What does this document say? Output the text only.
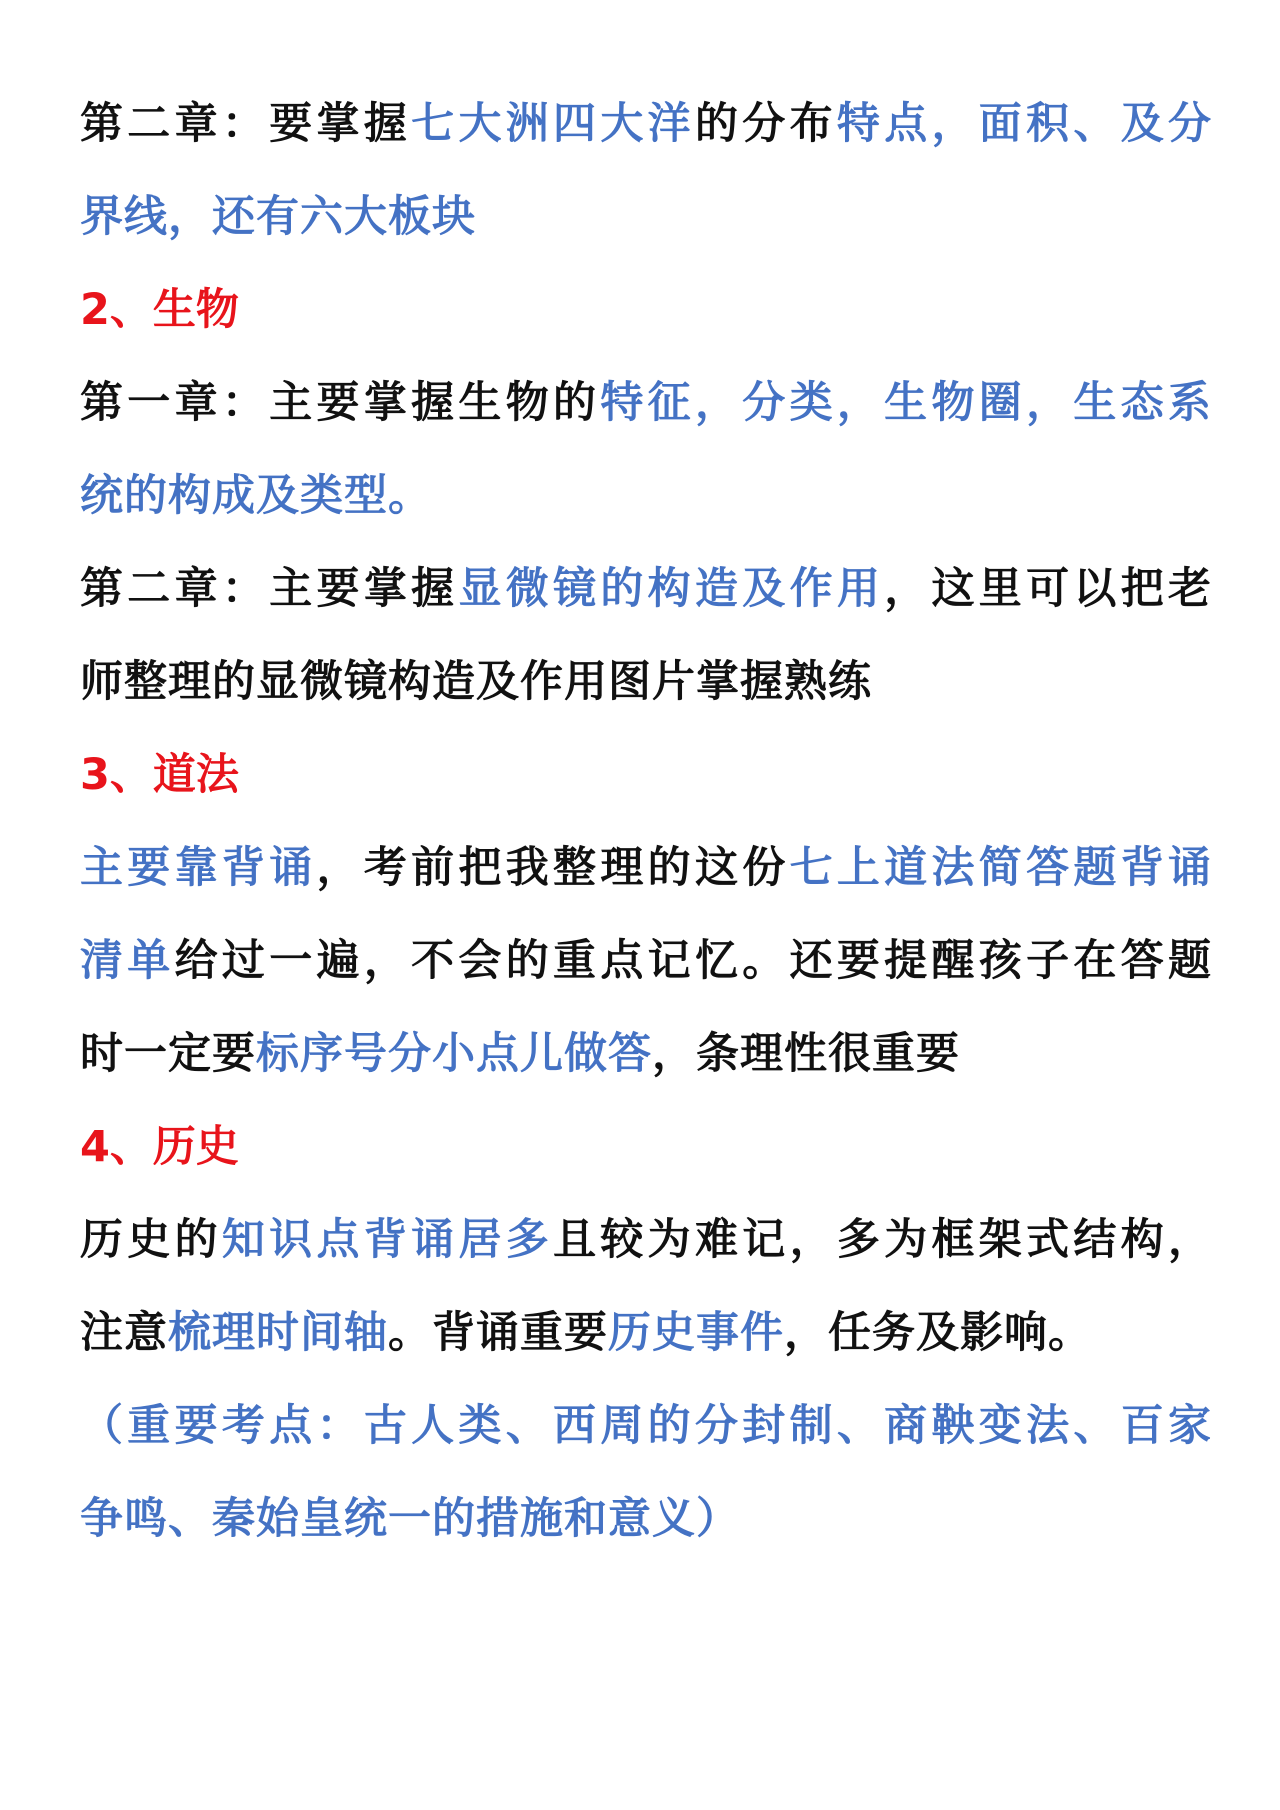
第二章：要掌握七大洲四大洋的分布特点，面积、及分
界线，还有六大板块
2、生物
第一章：主要掌握生物的特征，分类，生物圈，生态系
统的构成及类型。
第二章：主要掌握显微镜的构造及作用，这里可以把老
师整理的显微镜构造及作用图片掌握熟练
3、道法
主要靠背诵，考前把我整理的这份七上道法简答题背诵
清单给过一遍，不会的重点记忆。还要提醒孩子在答题
时一定要标序号分小点儿做答，条理性很重要
4、历史
历史的知识点背诵居多且较为难记，多为框架式结构，
注意梳理时间轴。背诵重要历史事件，任务及影响。
（重要考点：古人类、西周的分封制、商鞅变法、百家
争鸣、秦始皇统一的措施和意义）
